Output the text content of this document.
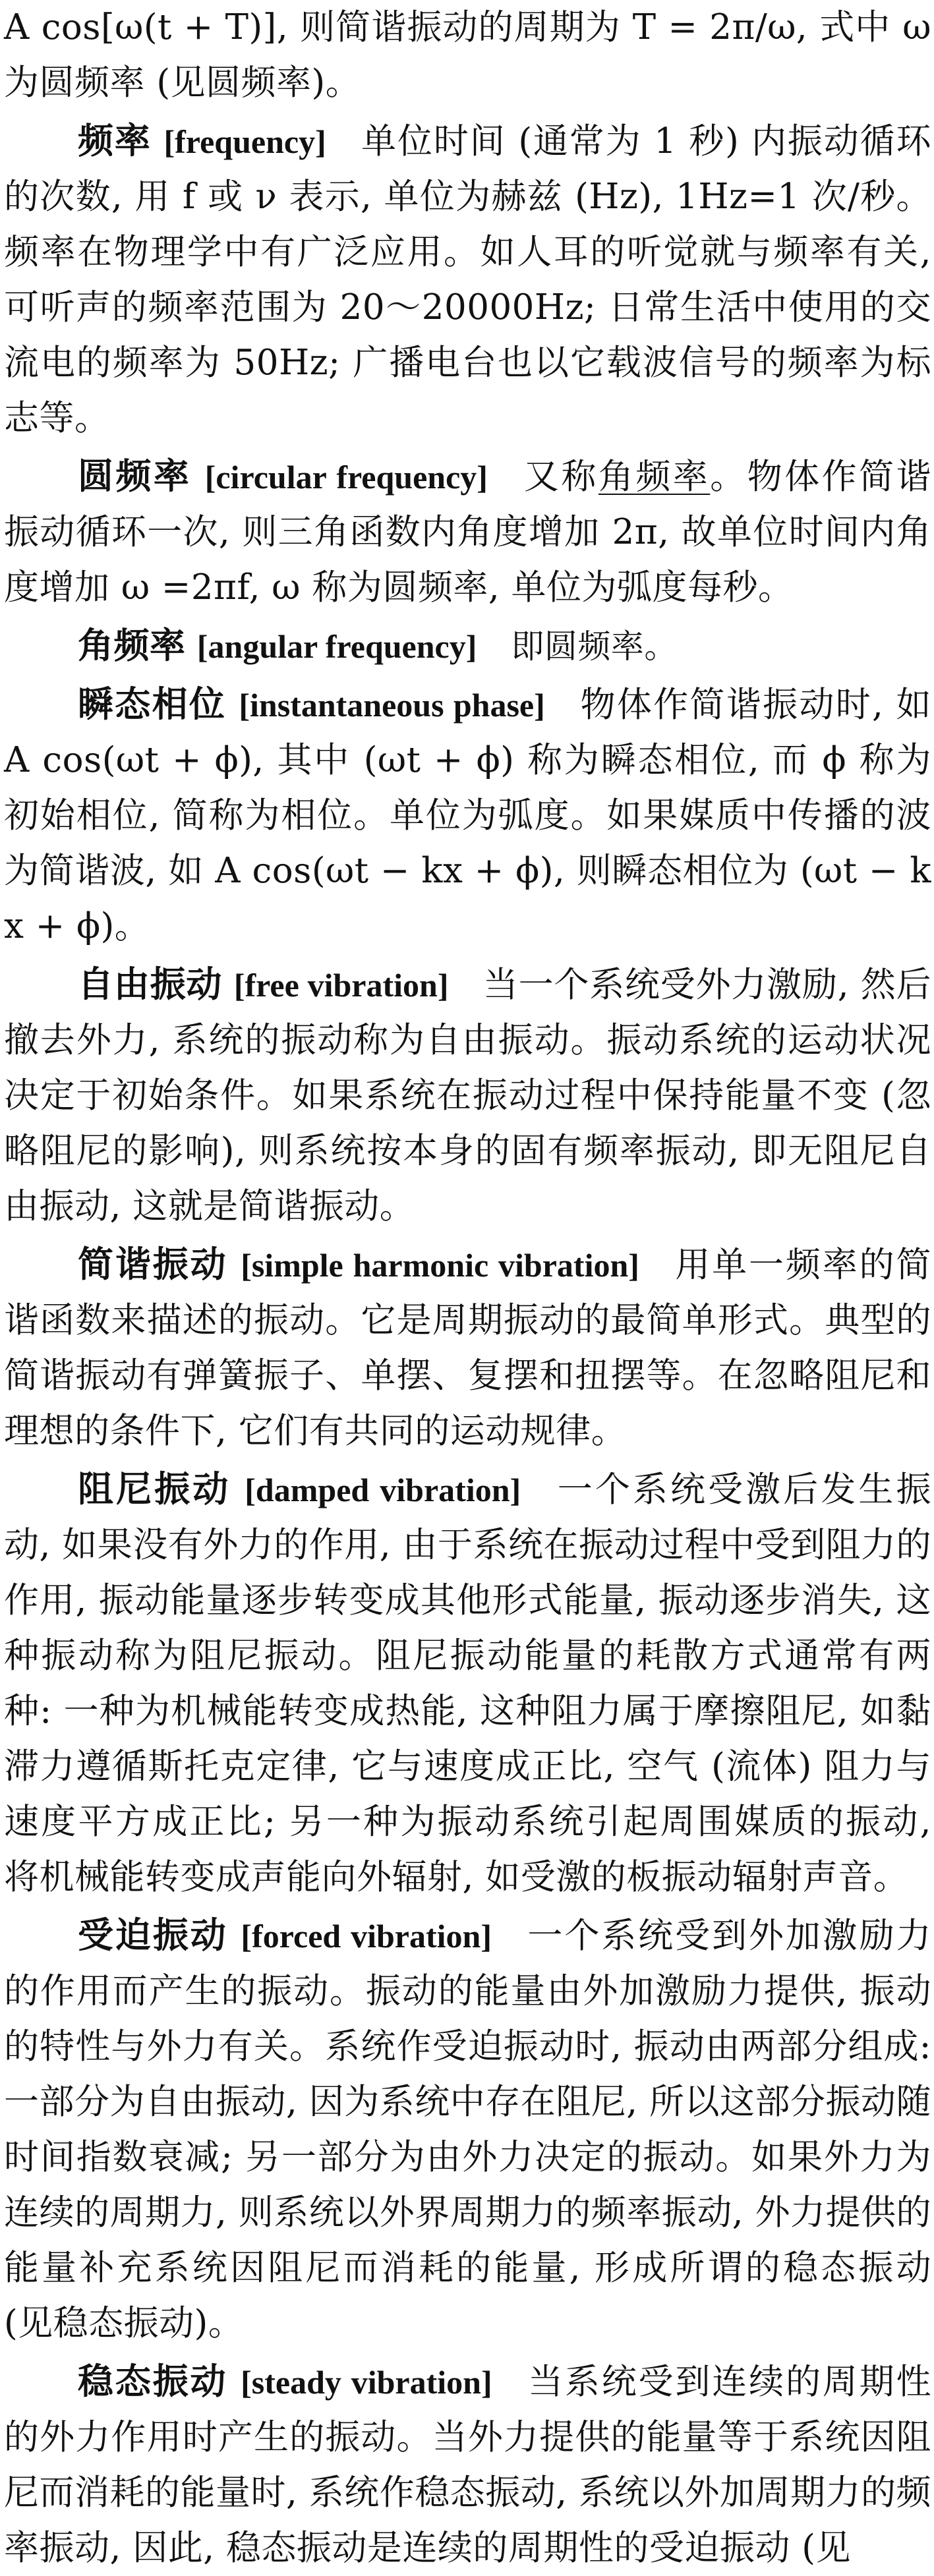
A cos[ω(t + T)], 则简谐振动的周期为 T = 2π/ω, 式中 ω 为圆频率 (见圆频率)。

频率 [frequency] 单位时间 (通常为 1 秒) 内振动循环的次数, 用 f 或 ν 表示, 单位为赫兹 (Hz), 1Hz=1 次/秒。频率在物理学中有广泛应用。如人耳的听觉就与频率有关, 可听声的频率范围为 20～20000Hz; 日常生活中使用的交流电的频率为 50Hz; 广播电台也以它载波信号的频率为标志等。

圆频率 [circular frequency] 又称角频率。物体作简谐振动循环一次, 则三角函数内角度增加 2π, 故单位时间内角度增加 ω =2πf, ω 称为圆频率, 单位为弧度每秒。

角频率 [angular frequency] 即圆频率。

瞬态相位 [instantaneous phase] 物体作简谐振动时, 如 A cos(ωt + ϕ), 其中 (ωt + ϕ) 称为瞬态相位, 而 ϕ 称为初始相位, 简称为相位。单位为弧度。如果媒质中传播的波为简谐波, 如 A cos(ωt − kx + ϕ), 则瞬态相位为 (ωt − kx + ϕ)。

自由振动 [free vibration] 当一个系统受外力激励, 然后撤去外力, 系统的振动称为自由振动。振动系统的运动状况决定于初始条件。如果系统在振动过程中保持能量不变 (忽略阻尼的影响), 则系统按本身的固有频率振动, 即无阻尼自由振动, 这就是简谐振动。

简谐振动 [simple harmonic vibration] 用单一频率的简谐函数来描述的振动。它是周期振动的最简单形式。典型的简谐振动有弹簧振子、单摆、复摆和扭摆等。在忽略阻尼和理想的条件下, 它们有共同的运动规律。

阻尼振动 [damped vibration] 一个系统受激后发生振动, 如果没有外力的作用, 由于系统在振动过程中受到阻力的作用, 振动能量逐步转变成其他形式能量, 振动逐步消失, 这种振动称为阻尼振动。阻尼振动能量的耗散方式通常有两种: 一种为机械能转变成热能, 这种阻力属于摩擦阻尼, 如黏滞力遵循斯托克定律, 它与速度成正比, 空气 (流体) 阻力与速度平方成正比; 另一种为振动系统引起周围媒质的振动, 将机械能转变成声能向外辐射, 如受激的板振动辐射声音。

受迫振动 [forced vibration] 一个系统受到外加激励力的作用而产生的振动。振动的能量由外加激励力提供, 振动的特性与外力有关。系统作受迫振动时, 振动由两部分组成: 一部分为自由振动, 因为系统中存在阻尼, 所以这部分振动随时间指数衰减; 另一部分为由外力决定的振动。如果外力为连续的周期力, 则系统以外界周期力的频率振动, 外力提供的能量补充系统因阻尼而消耗的能量, 形成所谓的稳态振动 (见稳态振动)。

稳态振动 [steady vibration] 当系统受到连续的周期性的外力作用时产生的振动。当外力提供的能量等于系统因阻尼而消耗的能量时, 系统作稳态振动, 系统以外加周期力的频率振动, 因此, 稳态振动是连续的周期性的受迫振动 (见
